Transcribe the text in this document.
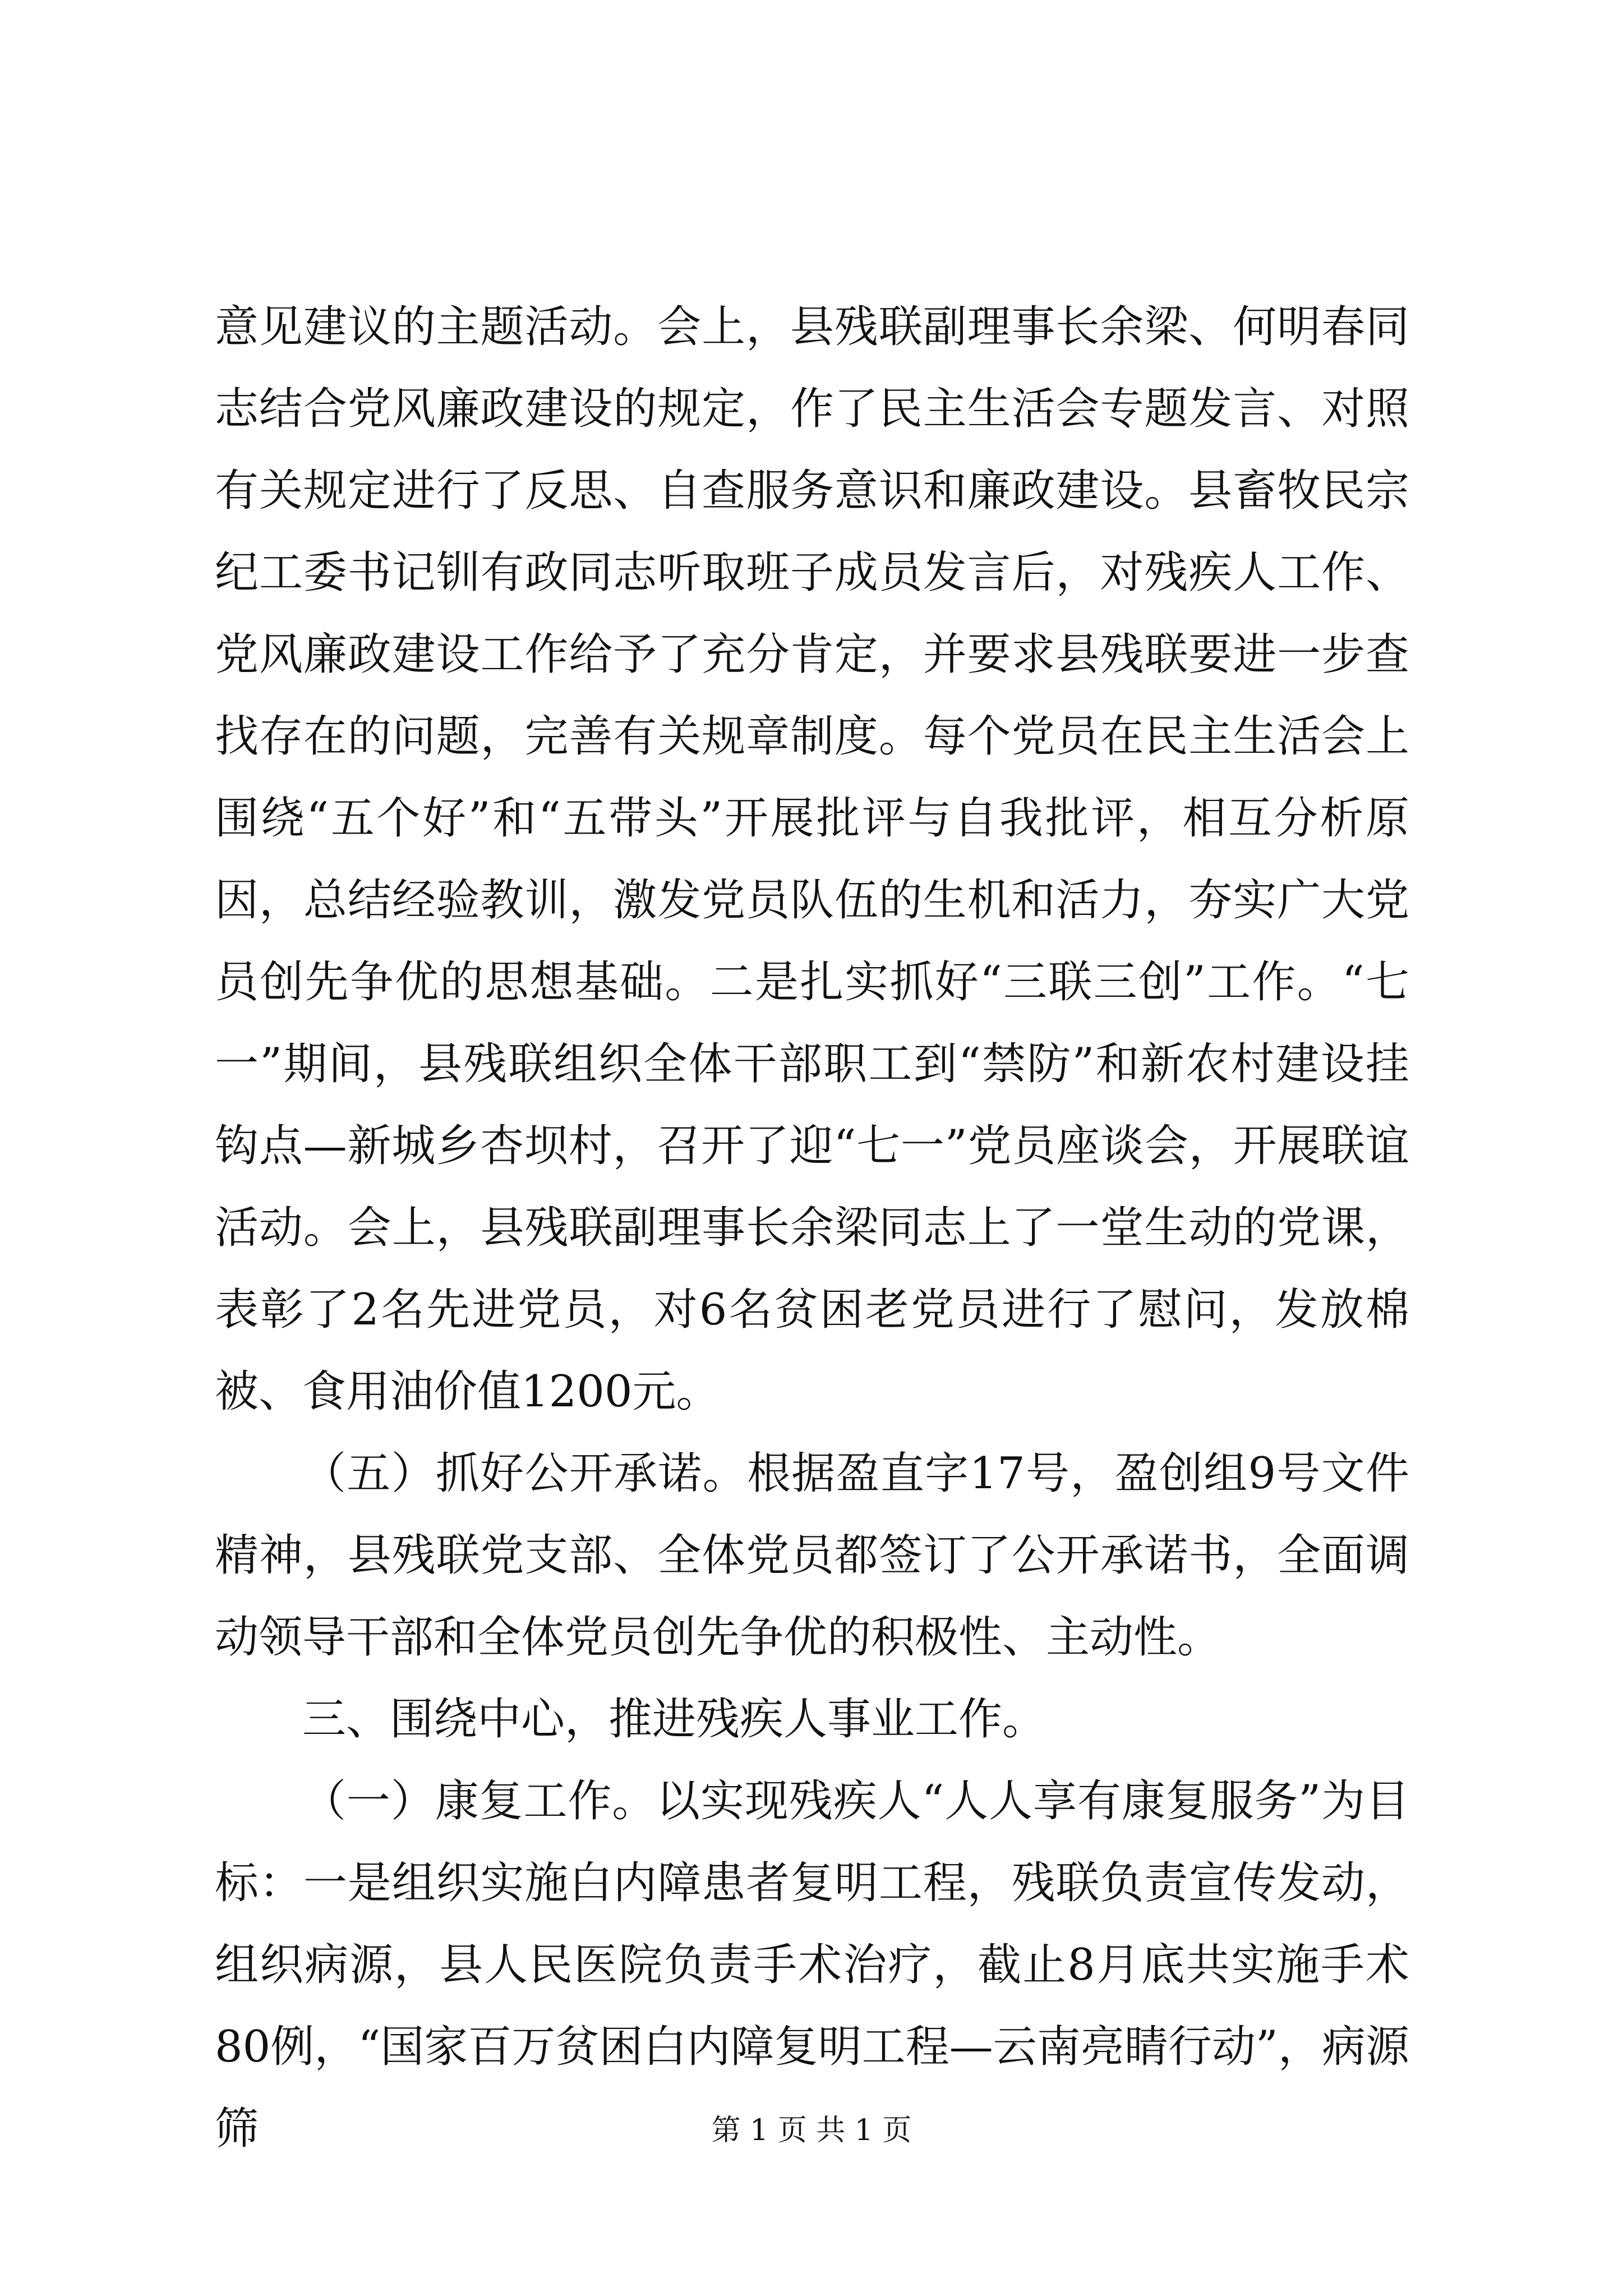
意见建议的主题活动。会上，县残联副理事长余梁、何明春同志结合党风廉政建设的规定，作了民主生活会专题发言、对照有关规定进行了反思、自查服务意识和廉政建设。县畜牧民宗纪工委书记钏有政同志听取班子成员发言后，对残疾人工作、党风廉政建设工作给予了充分肯定，并要求县残联要进一步查找存在的问题，完善有关规章制度。每个党员在民主生活会上围绕“五个好”和“五带头”开展批评与自我批评，相互分析原因，总结经验教训，激发党员队伍的生机和活力，夯实广大党员创先争优的思想基础。二是扎实抓好“三联三创”工作。“七一”期间，县残联组织全体干部职工到“禁防”和新农村建设挂钩点—新城乡杏坝村，召开了迎“七一”党员座谈会，开展联谊活动。会上，县残联副理事长余梁同志上了一堂生动的党课，表彰了2名先进党员，对6名贫困老党员进行了慰问，发放棉被、食用油价值1200元。

（五）抓好公开承诺。根据盈直字17号，盈创组9号文件精神，县残联党支部、全体党员都签订了公开承诺书，全面调动领导干部和全体党员创先争优的积极性、主动性。

三、围绕中心，推进残疾人事业工作。

（一）康复工作。以实现残疾人“人人享有康复服务”为目标：一是组织实施白内障患者复明工程，残联负责宣传发动，组织病源，县人民医院负责手术治疗，截止8月底共实施手术80例，“国家百万贫困白内障复明工程—云南亮睛行动”，病源筛	第 1 页 共 1 页
